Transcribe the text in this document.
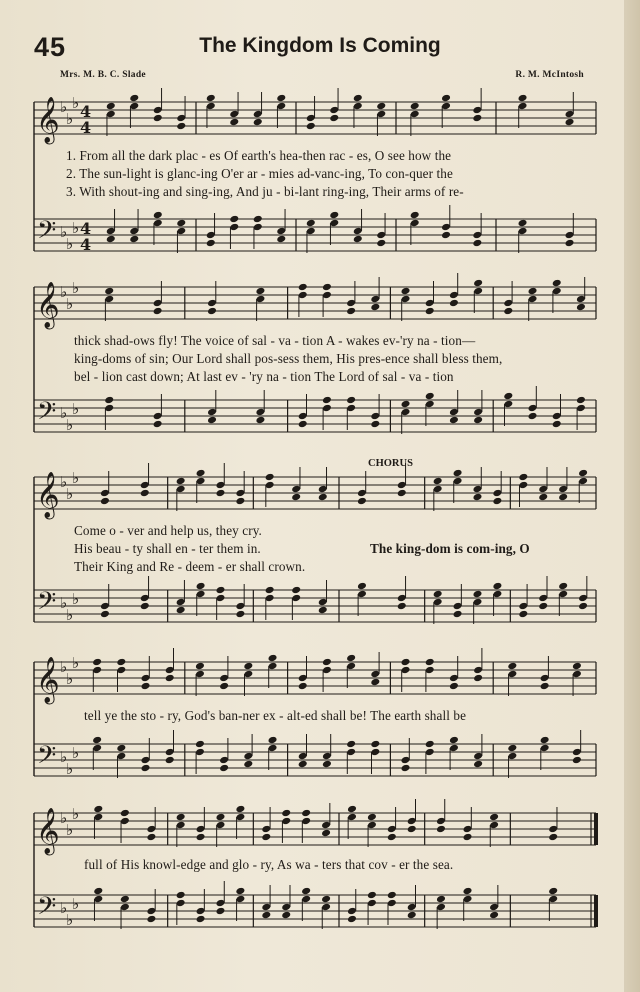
45	The Kingdom Is Coming
Mrs. M. B. C. Slade	R. M. McIntosh
𝄞
𝄢
♭
♭
♭
♭
♭
♭
4
4
4
4
𝄞
𝄢
♭
♭
♭
♭
♭
♭
𝄞
𝄢
♭
♭
♭
♭
♭
♭
𝄞
𝄢
♭
♭
♭
♭
♭
♭
𝄞
𝄢
♭
♭
♭
♭
♭
♭
CHORUS
1. From all the dark plac - es Of earth's hea-then rac - es, O see how the
2. The sun-light is glanc-ing O'er ar - mies ad-vanc-ing, To con-quer the
3. With shout-ing and sing-ing, And ju - bi-lant ring-ing, Their arms of re-
thick shad-ows fly! The voice of sal - va - tion A - wakes ev-'ry na - tion—
king-doms of sin; Our Lord shall pos-sess them, His pres-ence shall bless them,
bel - lion cast down; At last ev - 'ry na - tion The Lord of sal - va - tion
Come o - ver and help us, they cry.
His beau - ty shall en - ter them in.
Their King and Re - deem - er shall crown.
The king-dom is com-ing, O
tell ye the sto - ry, God's ban-ner ex - alt-ed shall be! The earth shall be
full of His knowl-edge and glo - ry, As wa - ters that cov - er the sea.
